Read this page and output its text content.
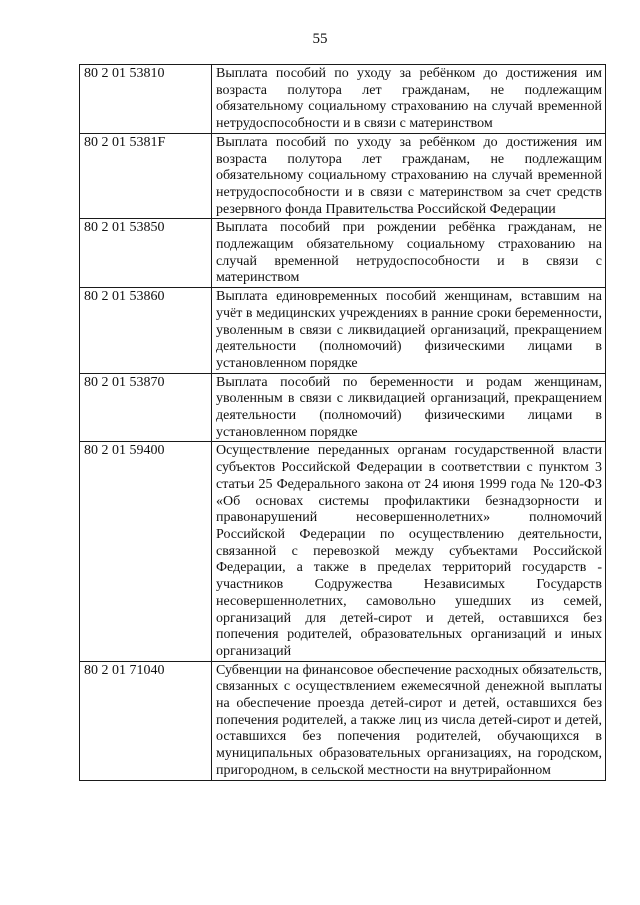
55
80 2 01 53810	Выплата пособий по уходу за ребёнком до достижения им возраста полутора лет гражданам, не подлежащим обязательному социальному страхованию на случай временной нетрудоспособности и в связи с материнством
80 2 01 5381F	Выплата пособий по уходу за ребёнком до достижения им возраста полутора лет гражданам, не подлежащим обязательному социальному страхованию на случай временной нетрудоспособности и в связи с материнством за счет средств резервного фонда Правительства Российской Федерации
80 2 01 53850	Выплата пособий при рождении ребёнка гражданам, не подлежащим обязательному социальному страхованию на случай временной нетрудоспособности и в связи с материнством
80 2 01 53860	Выплата единовременных пособий женщинам, вставшим на учёт в медицинских учреждениях в ранние сроки беременности, уволенным в связи с ликвидацией организаций, прекращением деятельности (полномочий) физическими лицами в установленном порядке
80 2 01 53870	Выплата пособий по беременности и родам женщинам, уволенным в связи с ликвидацией организаций, прекращением деятельности (полномочий) физическими лицами в установленном порядке
80 2 01 59400	Осуществление переданных органам государственной власти субъектов Российской Федерации в соответствии с пунктом 3 статьи 25 Федерального закона от 24 июня 1999 года № 120-ФЗ «Об основах системы профилактики безнадзорности и правонарушений несовершеннолетних» полномочий Российской Федерации по осуществлению деятельности, связанной с перевозкой между субъектами Российской Федерации, а также в пределах территорий государств - участников Содружества Независимых Государств несовершеннолетних, самовольно ушедших из семей, организаций для детей-сирот и детей, оставшихся без попечения родителей, образовательных организаций и иных организаций
80 2 01 71040	Субвенции на финансовое обеспечение расходных обязательств, связанных с осуществлением ежемесячной денежной выплаты на обеспечение проезда детей-сирот и детей, оставшихся без попечения родителей, а также лиц из числа детей-сирот и детей, оставшихся без попечения родителей, обучающихся в муниципальных образовательных организациях, на городском, пригородном, в сельской местности на внутрирайонном
